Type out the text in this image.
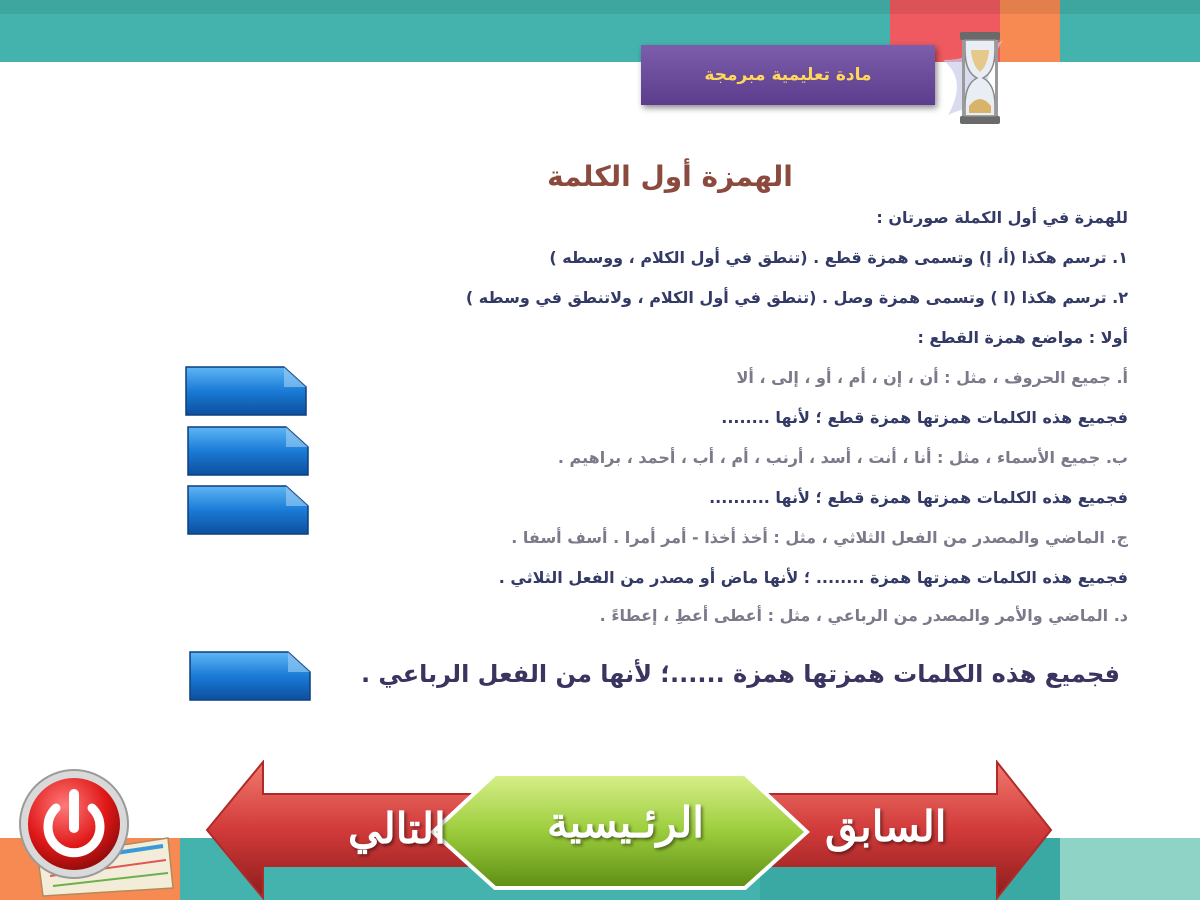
مادة تعليمية مبرمجة
الهمزة أول الكلمة
للهمزة في أول الكملة صورتان :
١. ترسم هكذا (أ، إ) وتسمى همزة قطع . (تنطق في أول الكلام ، ووسطه )
٢. ترسم هكذا (ا ) وتسمى همزة وصل . (تنطق في أول الكلام ، ولاتنطق في وسطه )
أولا : مواضع همزة القطع :
أ. جميع الحروف ، مثل : أن ، إن ، أم ، أو ، إلى ، ألا
فجميع هذه الكلمات همزتها همزة قطع ؛ لأنها ........
ب. جميع الأسماء ، مثل : أنا ، أنت ، أسد ، أرنب ، أم ، أب ، أحمد ، براهيم .
فجميع هذه الكلمات همزتها همزة قطع ؛ لأنها ..........
ج. الماضي والمصدر من الفعل الثلاثي ، مثل : أخذ أخذا - أمر أمرا . أسف أسفا .
فجميع هذه الكلمات همزتها همزة ........ ؛ لأنها ماض أو مصدر من الفعل الثلاثي .
د. الماضي والأمر والمصدر من الرباعي ، مثل : أعطى أعطِ ، إعطاءً .
فجميع هذه الكلمات همزتها همزة ......؛ لأنها من الفعل الرباعي .
التالي الرئـيسية	السابق
